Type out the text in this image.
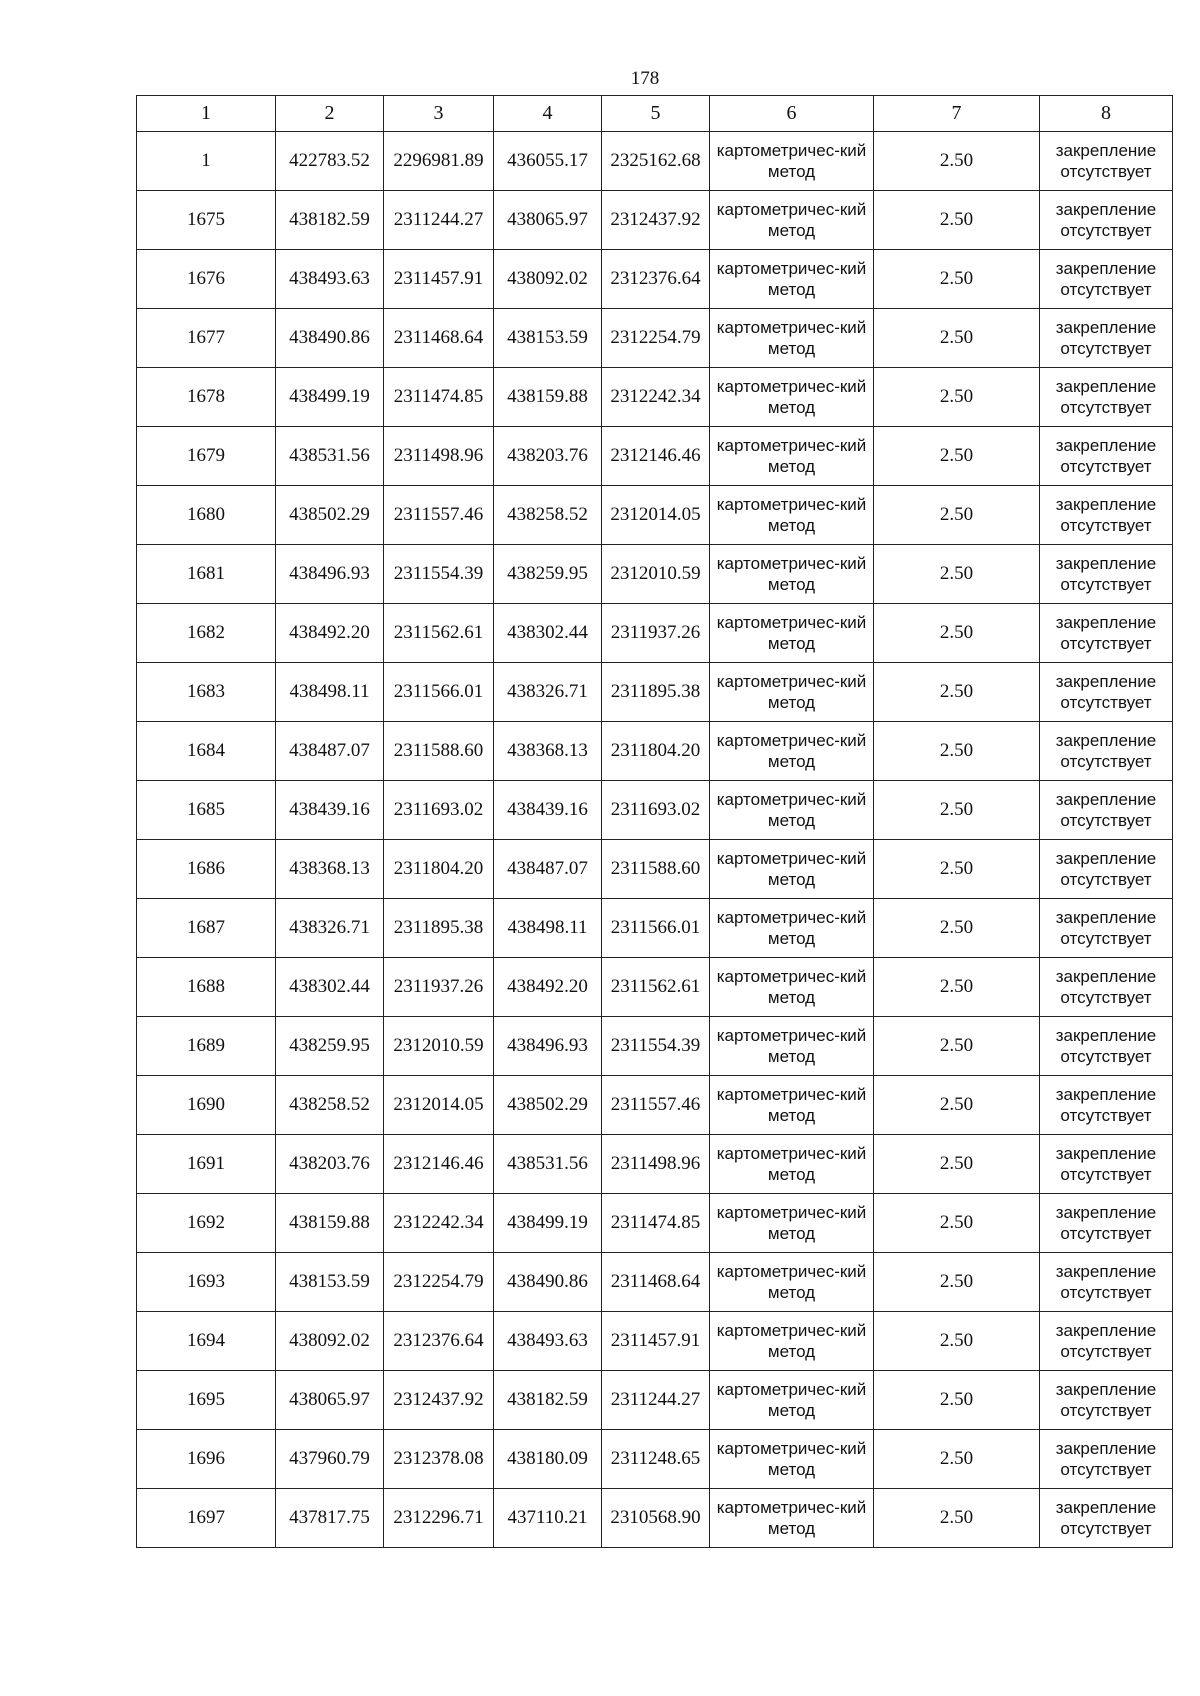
178
1	2	3	4	5	6	7	8
1	422783.52	2296981.89	436055.17	2325162.68	картометричес-кий метод	2.50	закрепление отсутствует
1675	438182.59	2311244.27	438065.97	2312437.92	картометричес-кий метод	2.50	закрепление отсутствует
1676	438493.63	2311457.91	438092.02	2312376.64	картометричес-кий метод	2.50	закрепление отсутствует
1677	438490.86	2311468.64	438153.59	2312254.79	картометричес-кий метод	2.50	закрепление отсутствует
1678	438499.19	2311474.85	438159.88	2312242.34	картометричес-кий метод	2.50	закрепление отсутствует
1679	438531.56	2311498.96	438203.76	2312146.46	картометричес-кий метод	2.50	закрепление отсутствует
1680	438502.29	2311557.46	438258.52	2312014.05	картометричес-кий метод	2.50	закрепление отсутствует
1681	438496.93	2311554.39	438259.95	2312010.59	картометричес-кий метод	2.50	закрепление отсутствует
1682	438492.20	2311562.61	438302.44	2311937.26	картометричес-кий метод	2.50	закрепление отсутствует
1683	438498.11	2311566.01	438326.71	2311895.38	картометричес-кий метод	2.50	закрепление отсутствует
1684	438487.07	2311588.60	438368.13	2311804.20	картометричес-кий метод	2.50	закрепление отсутствует
1685	438439.16	2311693.02	438439.16	2311693.02	картометричес-кий метод	2.50	закрепление отсутствует
1686	438368.13	2311804.20	438487.07	2311588.60	картометричес-кий метод	2.50	закрепление отсутствует
1687	438326.71	2311895.38	438498.11	2311566.01	картометричес-кий метод	2.50	закрепление отсутствует
1688	438302.44	2311937.26	438492.20	2311562.61	картометричес-кий метод	2.50	закрепление отсутствует
1689	438259.95	2312010.59	438496.93	2311554.39	картометричес-кий метод	2.50	закрепление отсутствует
1690	438258.52	2312014.05	438502.29	2311557.46	картометричес-кий метод	2.50	закрепление отсутствует
1691	438203.76	2312146.46	438531.56	2311498.96	картометричес-кий метод	2.50	закрепление отсутствует
1692	438159.88	2312242.34	438499.19	2311474.85	картометричес-кий метод	2.50	закрепление отсутствует
1693	438153.59	2312254.79	438490.86	2311468.64	картометричес-кий метод	2.50	закрепление отсутствует
1694	438092.02	2312376.64	438493.63	2311457.91	картометричес-кий метод	2.50	закрепление отсутствует
1695	438065.97	2312437.92	438182.59	2311244.27	картометричес-кий метод	2.50	закрепление отсутствует
1696	437960.79	2312378.08	438180.09	2311248.65	картометричес-кий метод	2.50	закрепление отсутствует
1697	437817.75	2312296.71	437110.21	2310568.90	картометричес-кий метод	2.50	закрепление отсутствует
